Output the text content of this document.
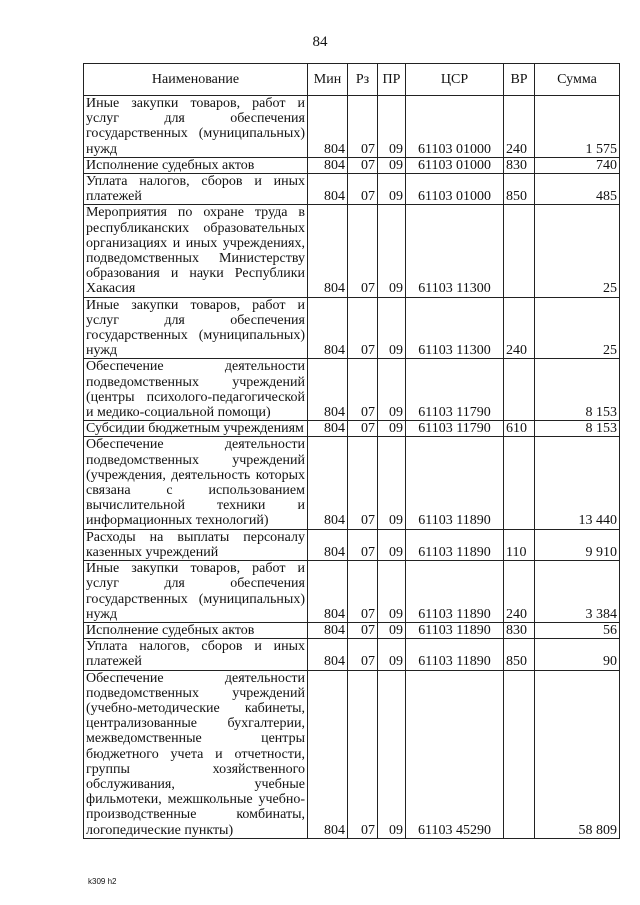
84
Наименование	Мин	Рз	ПР	ЦСР	ВР	Сумма
Иные закупки товаров, работ и услуг для обеспечения государственных (муниципальных) нужд	804	07	09	61103 01000	240	1 575
Исполнение судебных актов	804	07	09	61103 01000	830	740
Уплата налогов, сборов и иных платежей	804	07	09	61103 01000	850	485
Мероприятия по охране труда в республиканских образовательных организациях и иных учреждениях, подведомственных Министерству образования и науки Республики Хакасия	804	07	09	61103 11300		25
Иные закупки товаров, работ и услуг для обеспечения государственных (муниципальных) нужд	804	07	09	61103 11300	240	25
Обеспечение деятельности подведомственных учреждений (центры психолого-педагогической и медико-социальной помощи)	804	07	09	61103 11790		8 153
Субсидии бюджетным учреждениям	804	07	09	61103 11790	610	8 153
Обеспечение деятельности подведомственных учреждений (учреждения, деятельность которых связана с использованием вычислительной техники и информационных технологий)	804	07	09	61103 11890		13 440
Расходы на выплаты персоналу казенных учреждений	804	07	09	61103 11890	110	9 910
Иные закупки товаров, работ и услуг для обеспечения государственных (муниципальных) нужд	804	07	09	61103 11890	240	3 384
Исполнение судебных актов	804	07	09	61103 11890	830	56
Уплата налогов, сборов и иных платежей	804	07	09	61103 11890	850	90
Обеспечение деятельности подведомственных учреждений (учебно-методические кабинеты, централизованные бухгалтерии, межведомственные центры бюджетного учета и отчетности, группы хозяйственного обслуживания, учебные фильмотеки, межшкольные учебно-производственные комбинаты, логопедические пункты)	804	07	09	61103 45290		58 809
k309 h2
